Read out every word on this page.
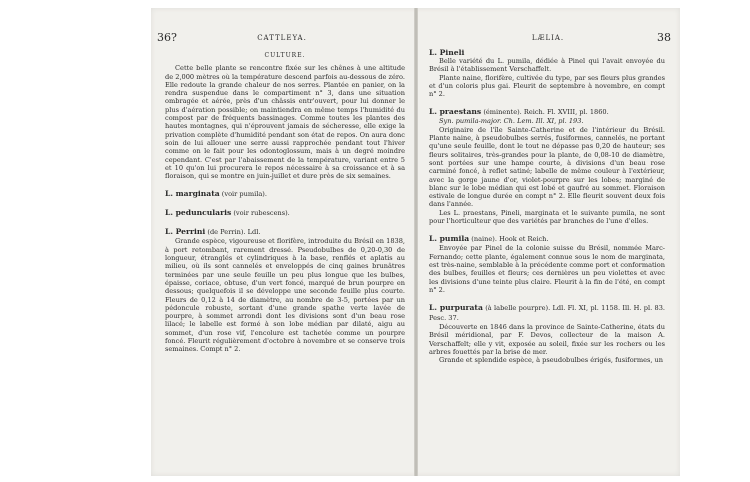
36?	CATTLEYA.
CULTURE.

Cette belle plante se rencontre fixée sur les chênes à une altitude de 2,000 mètres où la température descend parfois au-dessous de zéro. Elle redoute la grande chaleur de nos serres. Plantée en panier, on la rendra suspendue dans le compartiment n° 3, dans une situation ombragée et aérée, près d'un châssis entr'ouvert, pour lui donner le plus d'aération possible; on maintiendra en même temps l'humidité du compost par de fréquents bassinages. Comme toutes les plantes des hautes montagnes, qui n'éprouvent jamais de sécheresse, elle exige la privation complète d'humidité pendant son état de repos. On aura donc soin de lui allouer une serre aussi rapprochée pendant tout l'hiver comme on le fait pour les odontoglossum, mais à un degré moindre cependant. C'est par l'abaissement de la température, variant entre 5 et 10 qu'on lui procurera le repos nécessaire à sa croissance et à sa floraison, qui se montre en juin-juillet et dure près de six semaines.

L. marginata (voir pumila).
L. peduncularis (voir rubescens).
L. Perrini (de Perrin). Ldl.

Grande espèce, vigoureuse et florifère, introduite du Brésil en 1838, à port retombant, rarement dressé. Pseudobulbes de 0,20-0,30 de longueur, étranglés et cylindriques à la base, renflés et aplatis au milieu, où ils sont cannelés et enveloppés de cinq gaines brunâtres terminées par une seule feuille un peu plus longue que les bulbes, épaisse, coriace, obtuse, d'un vert foncé, marqué de brun pourpre en dessous; quelquefois il se développe une seconde feuille plus courte. Fleurs de 0,12 à 14 de diamètre, au nombre de 3-5, portées par un pédoncule robuste, sortant d'une grande spathe verte lavée de pourpre, à sommet arrondi dont les divisions sont d'un beau rose lilacé; le labelle est formé à son lobe médian par dilaté, aigu au sommet, d'un rose vif, l'encolure est tachetée comme un pourpre foncé. Fleurit régulièrement d'octobre à novembre et se conserve trois semaines. Compt n° 2.

LÆLIA.	38
L. Pineli

Belle variété du L. pumila, dédiée à Pinel qui l'avait envoyée du Brésil à l'établissement Verschaffelt.

Plante naine, florifère, cultivée du type, par ses fleurs plus grandes et d'un coloris plus gai. Fleurit de septembre à novembre, en compt n° 2.

L. praestans (éminente). Reich. Fl. XVIII, pl. 1860.

Syn. pumila-major. Ch. Lem. Ill. XI, pl. 193.

Originaire de l'île Sainte-Catherine et de l'intérieur du Brésil. Plante naine, à pseudobulbes serrés, fusiformes, cannelés, ne portant qu'une seule feuille, dont le tout ne dépasse pas 0,20 de hauteur; ses fleurs solitaires, très-grandes pour la plante, de 0,08-10 de diamètre, sont portées sur une hampe courte, à divisions d'un beau rose carminé foncé, à reflet satiné; labelle de même couleur à l'extérieur, avec la gorge jaune d'or, violet-pourpre sur les lobes; marginé de blanc sur le lobe médian qui est lobé et gaufré au sommet. Floraison estivale de longue durée en compt n° 2. Elle fleurit souvent deux fois dans l'année.

Les L. praestans, Pineli, marginata et le suivante pumila, ne sont pour l'horticulteur que des variétés par branches de l'une d'elles.

L. pumila (naine). Hook et Reich.

Envoyée par Pinel de la colonie suisse du Brésil, nommée Marc-Fernando; cette plante, également connue sous le nom de marginata, est très-naine, semblable à la précédente comme port et conformation des bulbes, feuilles et fleurs; ces dernières un peu violettes et avec les divisions d'une teinte plus claire. Fleurit à la fin de l'été, en compt n° 2.

L. purpurata (à labelle pourpre). Ldl. Fl. XI, pl. 1158. Ill. H. pl. 83. Pesc. 37.

Découverte en 1846 dans la province de Sainte-Catherine, états du Brésil méridional, par F. Devos, collecteur de la maison A. Verschaffelt; elle y vit, exposée au soleil, fixée sur les rochers ou les arbres fouettés par la brise de mer.

Grande et splendide espèce, à pseudobulbes érigés, fusiformes, un
